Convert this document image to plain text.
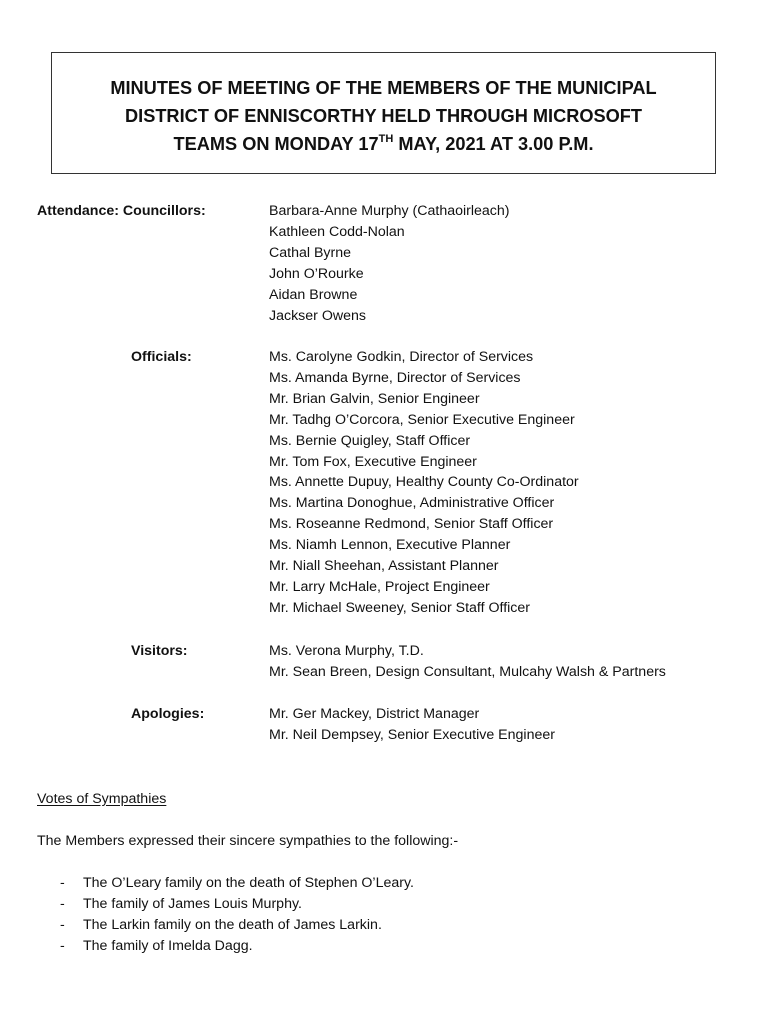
MINUTES OF MEETING OF THE MEMBERS OF THE MUNICIPAL
DISTRICT OF ENNISCORTHY HELD THROUGH MICROSOFT
TEAMS ON MONDAY 17TH MAY, 2021 AT 3.00 P.M.
Attendance: Councillors:	Barbara-Anne Murphy (Cathaoirleach)
Kathleen Codd-Nolan
Cathal Byrne
John O’Rourke
Aidan Browne
Jackser Owens
Officials:	Ms. Carolyne Godkin, Director of Services
Ms. Amanda Byrne, Director of Services
Mr. Brian Galvin, Senior Engineer
Mr. Tadhg O’Corcora, Senior Executive Engineer
Ms. Bernie Quigley, Staff Officer
Mr. Tom Fox, Executive Engineer
Ms. Annette Dupuy, Healthy County Co-Ordinator
Ms. Martina Donoghue, Administrative Officer
Ms. Roseanne Redmond, Senior Staff Officer
Ms. Niamh Lennon, Executive Planner
Mr. Niall Sheehan, Assistant Planner
Mr. Larry McHale, Project Engineer
Mr. Michael Sweeney, Senior Staff Officer
Visitors:	Ms. Verona Murphy, T.D.
Mr. Sean Breen, Design Consultant, Mulcahy Walsh & Partners
Apologies:	Mr. Ger Mackey, District Manager
Mr. Neil Dempsey, Senior Executive Engineer
Votes of Sympathies
The Members expressed their sincere sympathies to the following:-
-	The O’Leary family on the death of Stephen O’Leary.
-	The family of James Louis Murphy.
-	The Larkin family on the death of James Larkin.
-	The family of Imelda Dagg.
